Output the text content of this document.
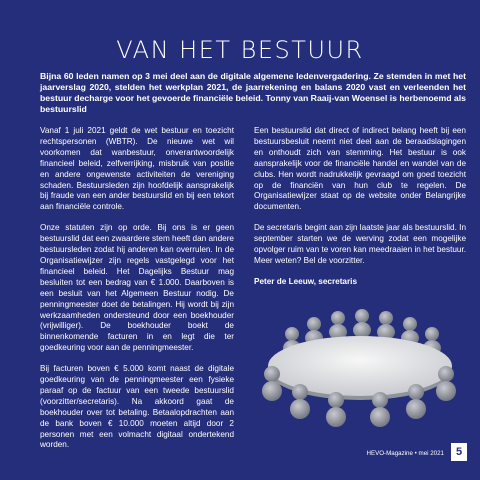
VAN HET BESTUUR
Bijna 60 leden namen op 3 mei deel aan de digitale algemene ledenvergadering. Ze stemden in met het jaarverslag 2020, stelden het werkplan 2021, de jaarrekening en balans 2020 vast en verleenden het bestuur decharge voor het gevoerde financiële beleid. Tonny van Raaij-van Woensel is herbenoemd als bestuurslid

Vanaf 1 juli 2021 geldt de wet bestuur en toezicht rechtspersonen (WBTR). De nieuwe wet wil voorkomen dat wanbestuur, onverantwoordelijk financieel beleid, zelfverrijking, misbruik van positie en andere ongewenste activiteiten de vereniging schaden. Bestuursleden zijn hoofdelijk aansprakelijk bij fraude van een ander bestuurslid en bij een tekort aan financiële controle.

Onze statuten zijn op orde. Bij ons is er geen bestuurslid dat een zwaardere stem heeft dan andere bestuursleden zodat hij anderen kan overrulen. In de Organisatiewijzer zijn regels vastgelegd voor het financieel beleid. Het Dagelijks Bestuur mag besluiten tot een bedrag van € 1.000. Daarboven is een besluit van het Algemeen Bestuur nodig. De penningmeester doet de betalingen. Hij wordt bij zijn werkzaamheden ondersteund door een boekhouder (vrijwilliger). De boekhouder boekt de binnenkomende facturen in en legt die ter goedkeuring voor aan de penningmeester.

Bij facturen boven € 5.000 komt naast de digitale goedkeuring van de penningmeester een fysieke paraaf op de factuur van een tweede bestuurslid (voorzitter/secretaris). Na akkoord gaat de boekhouder over tot betaling. Betaalopdrachten aan de bank boven € 10.000 moeten altijd door 2 personen met een volmacht digitaal ondertekend worden.

Een bestuurslid dat direct of indirect belang heeft bij een bestuursbesluit neemt niet deel aan de beraadslagingen en onthoudt zich van stemming. Het bestuur is ook aansprakelijk voor de financiële handel en wandel van de clubs. Hen wordt nadrukkelijk gevraagd om goed toezicht op de financiën van hun club te regelen. De Organisatiewijzer staat op de website onder Belangrijke documenten.

De secretaris begint aan zijn laatste jaar als bestuurslid. In september starten we de werving zodat een mogelijke opvolger ruim van te voren kan meedraaien in het bestuur. Meer weten? Bel de voorzitter.

Peter de Leeuw, secretaris

HEVO-Magazine • mei 2021	5
